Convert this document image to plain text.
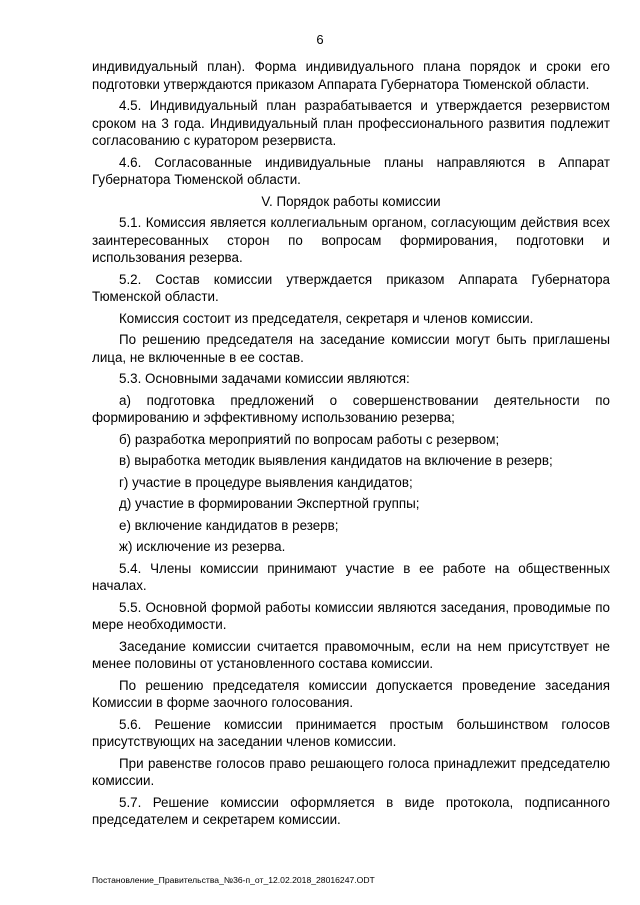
6

индивидуальный план). Форма индивидуального плана порядок и сроки его подготовки утверждаются приказом Аппарата Губернатора Тюменской области.

4.5. Индивидуальный план разрабатывается и утверждается резервистом сроком на 3 года. Индивидуальный план профессионального развития подлежит согласованию с куратором резервиста.

4.6. Согласованные индивидуальные планы направляются в Аппарат Губернатора Тюменской области.

V. Порядок работы комиссии

5.1. Комиссия является коллегиальным органом, согласующим действия всех заинтересованных сторон по вопросам формирования, подготовки и использования резерва.

5.2. Состав комиссии утверждается приказом Аппарата Губернатора Тюменской области.

Комиссия состоит из председателя, секретаря и членов комиссии.

По решению председателя на заседание комиссии могут быть приглашены лица, не включенные в ее состав.

5.3. Основными задачами комиссии являются:

а) подготовка предложений о совершенствовании деятельности по формированию и эффективному использованию резерва;

б) разработка мероприятий по вопросам работы с резервом;

в) выработка методик выявления кандидатов на включение в резерв;

г) участие в процедуре выявления кандидатов;

д) участие в формировании Экспертной группы;

е) включение кандидатов в резерв;

ж) исключение из резерва.

5.4. Члены комиссии принимают участие в ее работе на общественных началах.

5.5. Основной формой работы комиссии являются заседания, проводимые по мере необходимости.

Заседание комиссии считается правомочным, если на нем присутствует не менее половины от установленного состава комиссии.

По решению председателя комиссии допускается проведение заседания Комиссии в форме заочного голосования.

5.6. Решение комиссии принимается простым большинством голосов присутствующих на заседании членов комиссии.

При равенстве голосов право решающего голоса принадлежит председателю комиссии.

5.7. Решение комиссии оформляется в виде протокола, подписанного председателем и секретарем комиссии.

Постановление_Правительства_№36-п_от_12.02.2018_28016247.ODT
